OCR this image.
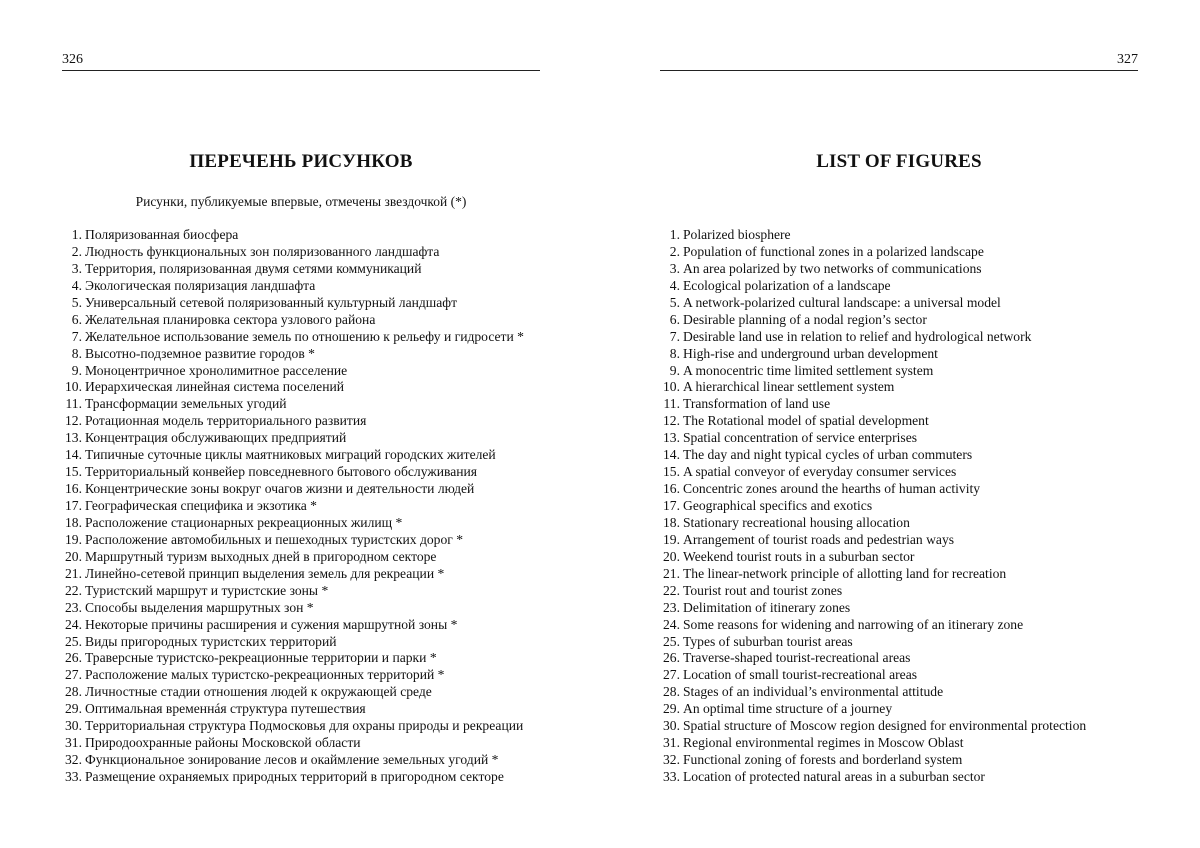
326
ПЕРЕЧЕНЬ РИСУНКОВ
Рисунки, публикуемые впервые, отмечены звездочкой (*)
1. Поляризованная биосфера
2. Людность функциональных зон поляризованного ландшафта
3. Территория, поляризованная двумя сетями коммуникаций
4. Экологическая поляризация ландшафта
5. Универсальный сетевой поляризованный культурный ландшафт
6. Желательная планировка сектора узлового района
7. Желательное использование земель по отношению к рельефу и гидросети *
8. Высотно-подземное развитие городов *
9. Моноцентричное хронолимитное расселение
10. Иерархическая линейная система поселений
11. Трансформации земельных угодий
12. Ротационная модель территориального развития
13. Концентрация обслуживающих предприятий
14. Типичные суточные циклы маятниковых миграций городских жителей
15. Территориальный конвейер повседневного бытового обслуживания
16. Концентрические зоны вокруг очагов жизни и деятельности людей
17. Географическая специфика и экзотика *
18. Расположение стационарных рекреационных жилищ *
19. Расположение автомобильных и пешеходных туристских дорог *
20. Маршрутный туризм выходных дней в пригородном секторе
21. Линейно-сетевой принцип выделения земель для рекреации *
22. Туристский маршрут и туристские зоны *
23. Способы выделения маршрутных зон *
24. Некоторые причины расширения и сужения маршрутной зоны *
25. Виды пригородных туристских территорий
26. Траверсные туристско-рекреационные территории и парки *
27. Расположение малых туристско-рекреационных территорий *
28. Личностные стадии отношения людей к окружающей среде
29. Оптимальная временнáя структура путешествия
30. Территориальная структура Подмосковья для охраны природы и рекреации
31. Природоохранные районы Московской области
32. Функциональное зонирование лесов и окаймление земельных угодий *
33. Размещение охраняемых природных территорий в пригородном секторе
327
LIST OF FIGURES
1. Polarized biosphere
2. Population of functional zones in a polarized landscape
3. An area polarized by two networks of communications
4. Ecological polarization of a landscape
5. A network-polarized cultural landscape: a universal model
6. Desirable planning of a nodal region’s sector
7. Desirable land use in relation to relief and hydrological network
8. High-rise and underground urban development
9. A monocentric time limited settlement system
10. A hierarchical linear settlement system
11. Transformation of land use
12. The Rotational model of spatial development
13. Spatial concentration of service enterprises
14. The day and night typical cycles of urban commuters
15. A spatial conveyor of everyday consumer services
16. Concentric zones around the hearths of human activity
17. Geographical specifics and exotics
18. Stationary recreational housing allocation
19. Arrangement of tourist roads and pedestrian ways
20. Weekend tourist routs in a suburban sector
21. The linear-network principle of allotting land for recreation
22. Tourist rout and tourist zones
23. Delimitation of itinerary zones
24. Some reasons for widening and narrowing of an itinerary zone
25. Types of suburban tourist areas
26. Traverse-shaped tourist-recreational areas
27. Location of small tourist-recreational areas
28. Stages of an individual’s environmental attitude
29. An optimal time structure of a journey
30. Spatial structure of Moscow region designed for environmental protection
31. Regional environmental regimes in Moscow Oblast
32. Functional zoning of forests and borderland system
33. Location of protected natural areas in a suburban sector
